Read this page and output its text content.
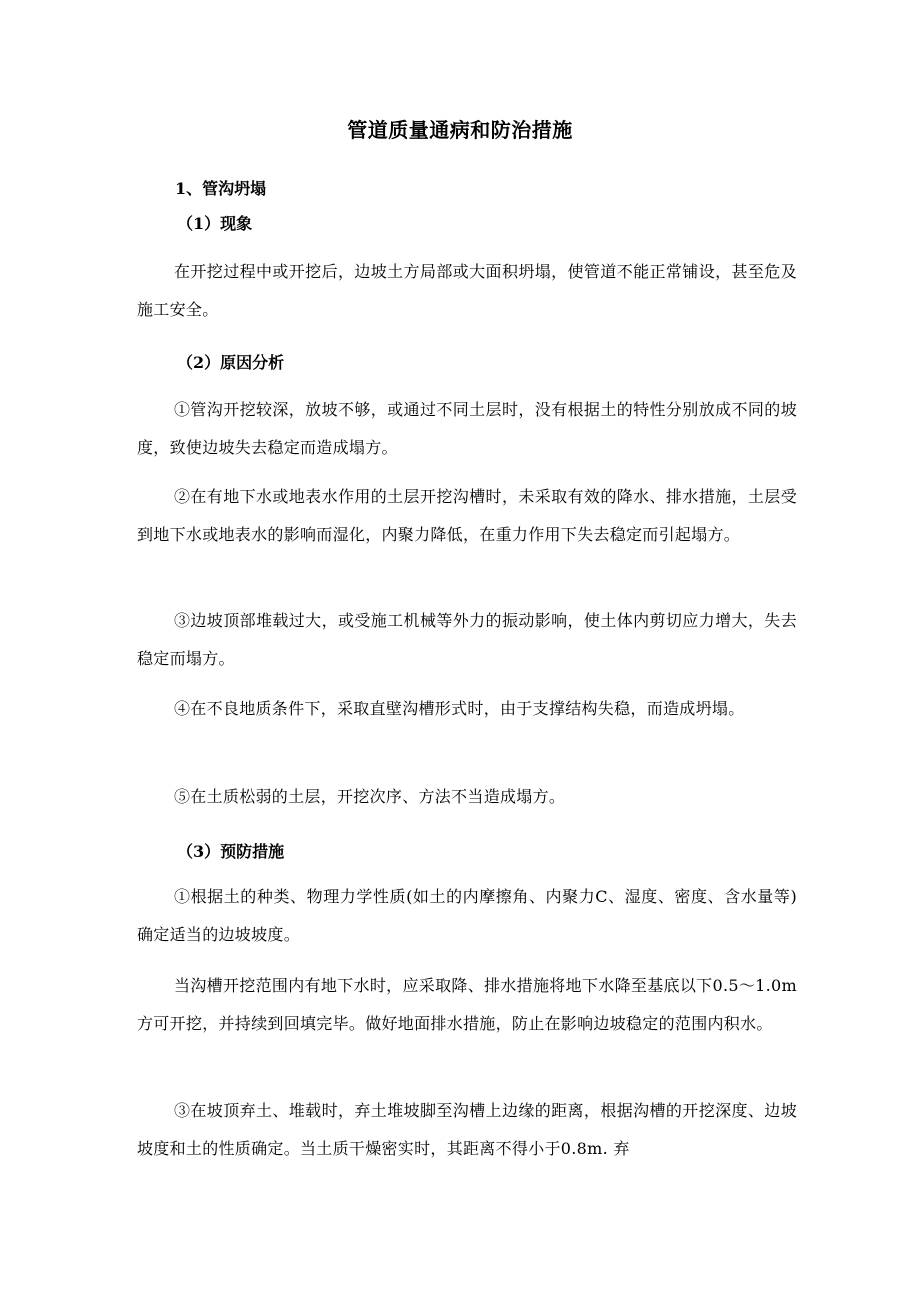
管道质量通病和防治措施
1、管沟坍塌
（1）现象
在开挖过程中或开挖后，边坡土方局部或大面积坍塌，使管道不能正常铺设，甚至危及施工安全。
（2）原因分析
①管沟开挖较深，放坡不够，或通过不同土层时，没有根据土的特性分别放成不同的坡度，致使边坡失去稳定而造成塌方。
②在有地下水或地表水作用的土层开挖沟槽时，未采取有效的降水、排水措施，土层受到地下水或地表水的影响而湿化，内聚力降低，在重力作用下失去稳定而引起塌方。
③边坡顶部堆载过大，或受施工机械等外力的振动影响，使土体内剪切应力增大，失去稳定而塌方。
④在不良地质条件下，采取直壁沟槽形式时，由于支撑结构失稳，而造成坍塌。
⑤在土质松弱的土层，开挖次序、方法不当造成塌方。
（3）预防措施
①根据土的种类、物理力学性质(如土的内摩擦角、内聚力C、湿度、密度、含水量等)确定适当的边坡坡度。
当沟槽开挖范围内有地下水时，应采取降、排水措施将地下水降至基底以下0.5～1.0m方可开挖，并持续到回填完毕。做好地面排水措施，防止在影响边坡稳定的范围内积水。
③在坡顶弃土、堆载时，弃土堆坡脚至沟槽上边缘的距离，根据沟槽的开挖深度、边坡坡度和土的性质确定。当土质干燥密实时，其距离不得小于0.8m. 弃
